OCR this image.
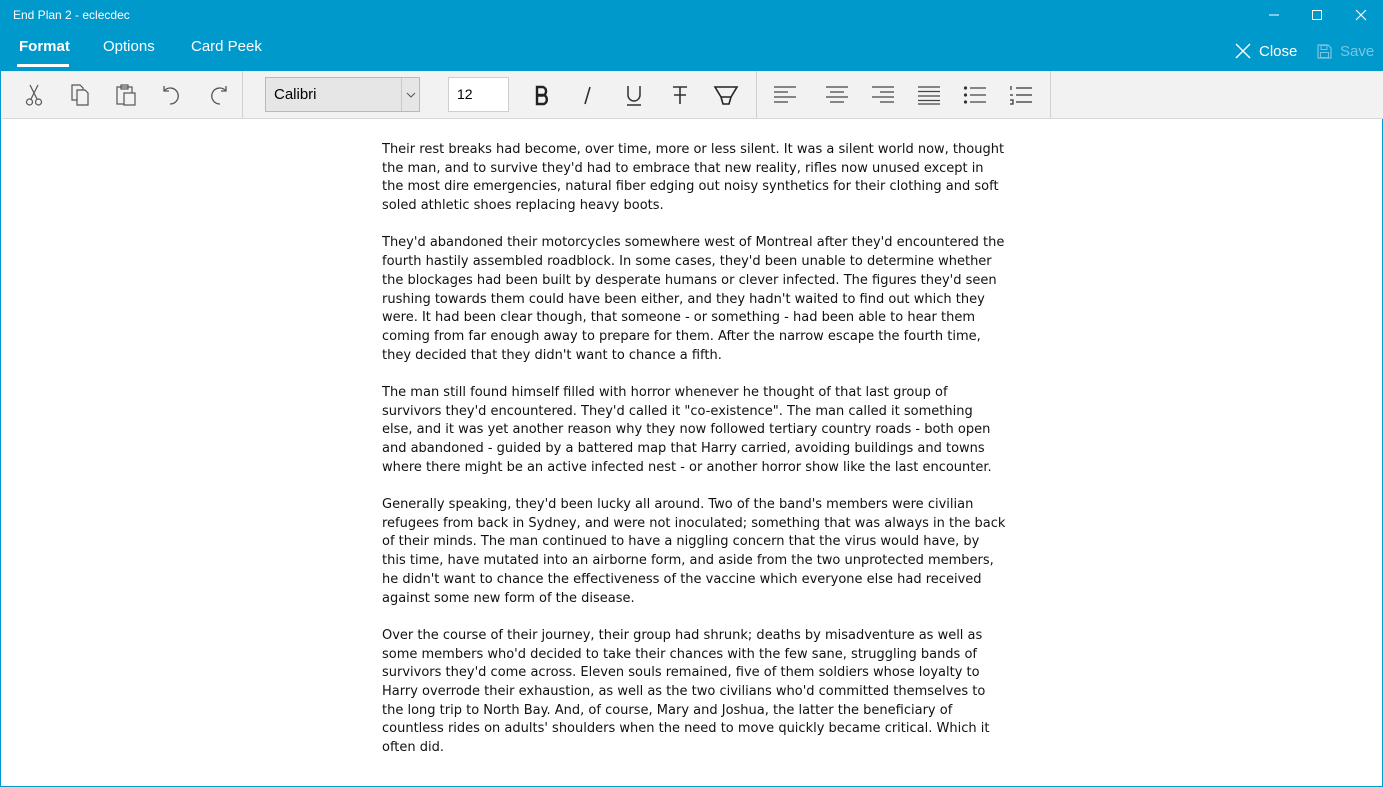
End Plan 2 - eclecdec
Format Options Card Peek	Close	Save
Calibri	12

Their rest breaks had become, over time, more or less silent. It was a silent world now, thought the man, and to survive they'd had to embrace that new reality, rifles now unused except in the most dire emergencies, natural fiber edging out noisy synthetics for their clothing and soft soled athletic shoes replacing heavy boots.

They'd abandoned their motorcycles somewhere west of Montreal after they'd encountered the fourth hastily assembled roadblock. In some cases, they'd been unable to determine whether the blockages had been built by desperate humans or clever infected. The figures they'd seen rushing towards them could have been either, and they hadn't waited to find out which they were. It had been clear though, that someone - or something - had been able to hear them coming from far enough away to prepare for them. After the narrow escape the fourth time, they decided that they didn't want to chance a fifth.

The man still found himself filled with horror whenever he thought of that last group of survivors they'd encountered. They'd called it "co-existence". The man called it something else, and it was yet another reason why they now followed tertiary country roads - both open and abandoned - guided by a battered map that Harry carried, avoiding buildings and towns where there might be an active infected nest - or another horror show like the last encounter.

Generally speaking, they'd been lucky all around. Two of the band's members were civilian refugees from back in Sydney, and were not inoculated; something that was always in the back of their minds. The man continued to have a niggling concern that the virus would have, by this time, have mutated into an airborne form, and aside from the two unprotected members, he didn't want to chance the effectiveness of the vaccine which everyone else had received against some new form of the disease.

Over the course of their journey, their group had shrunk; deaths by misadventure as well as some members who'd decided to take their chances with the few sane, struggling bands of survivors they'd come across. Eleven souls remained, five of them soldiers whose loyalty to Harry overrode their exhaustion, as well as the two civilians who'd committed themselves to the long trip to North Bay. And, of course, Mary and Joshua, the latter the beneficiary of countless rides on adults' shoulders when the need to move quickly became critical. Which it often did.
